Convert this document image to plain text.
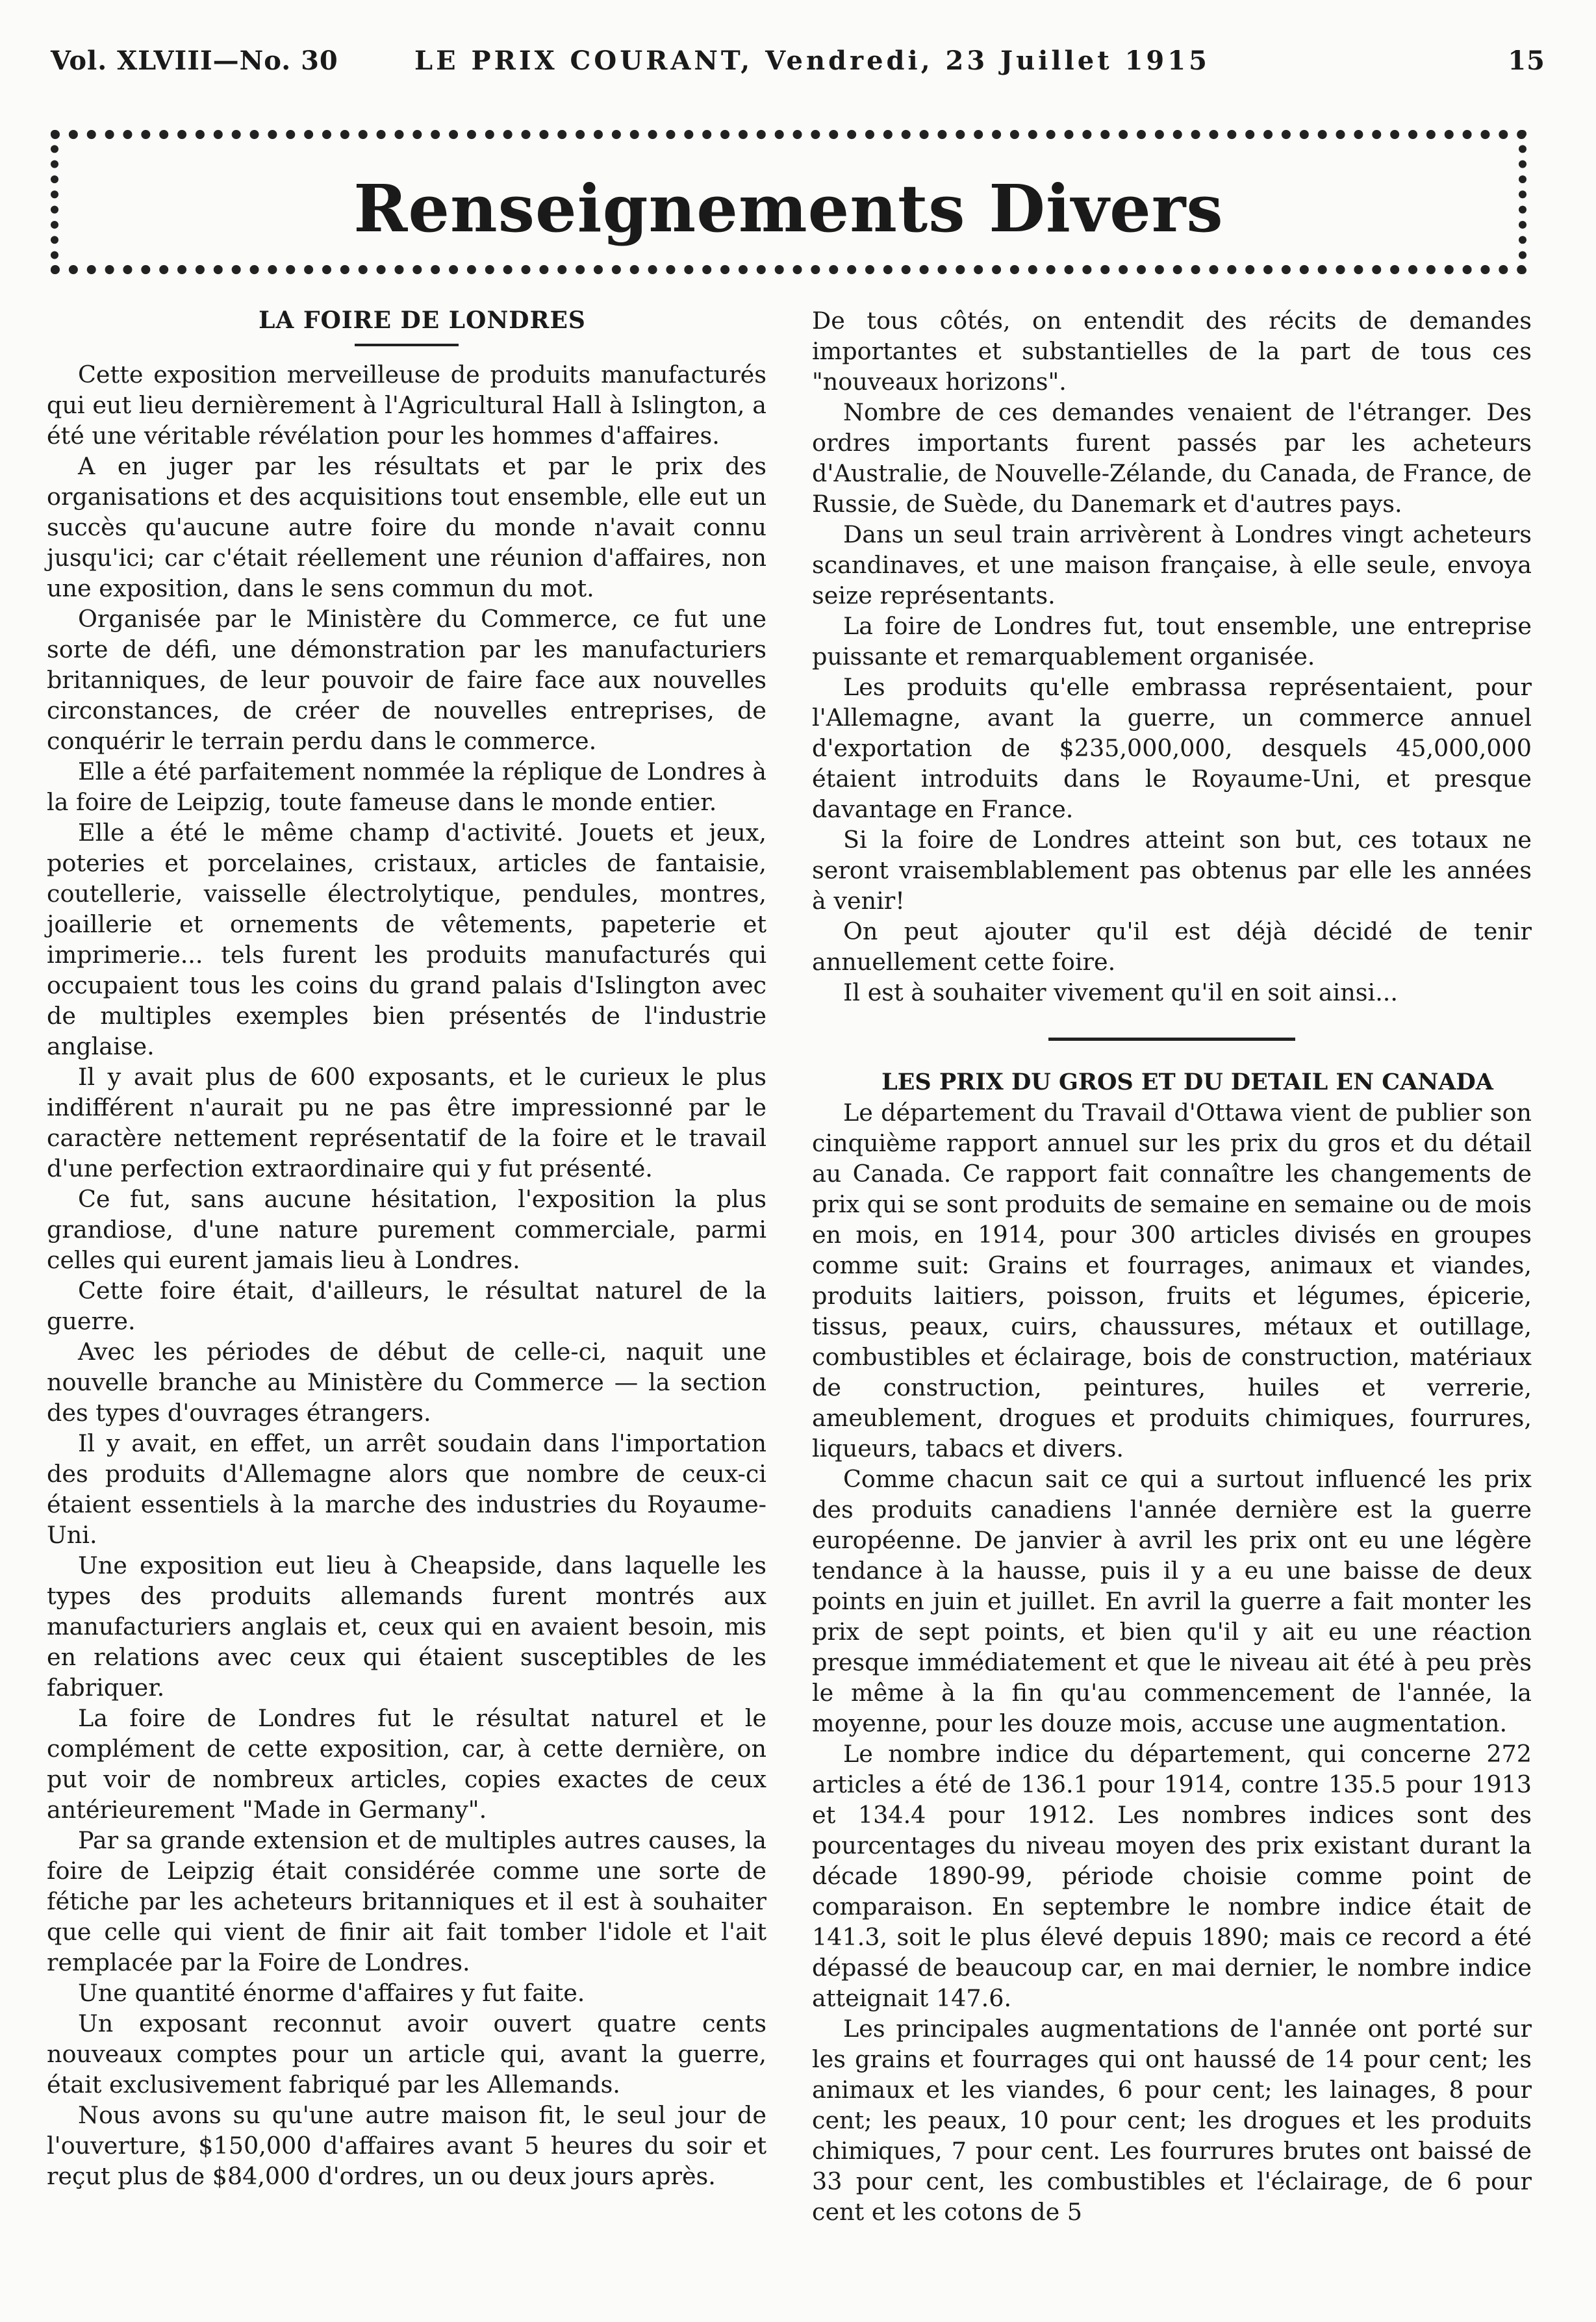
Vol. XLVIII—No. 30	LE PRIX COURANT, Vendredi, 23 Juillet 1915	15
Renseignements Divers

LA FOIRE DE LONDRES

Cette exposition merveilleuse de produits manufacturés qui eut lieu dernièrement à l'Agricultural Hall à Islington, a été une véritable révélation pour les hommes d'affaires.

A en juger par les résultats et par le prix des organisations et des acquisitions tout ensemble, elle eut un succès qu'aucune autre foire du monde n'avait connu jusqu'ici; car c'était réellement une réunion d'affaires, non une exposition, dans le sens commun du mot.

Organisée par le Ministère du Commerce, ce fut une sorte de défi, une démonstration par les manufacturiers britanniques, de leur pouvoir de faire face aux nouvelles circonstances, de créer de nouvelles entreprises, de conquérir le terrain perdu dans le commerce.

Elle a été parfaitement nommée la réplique de Londres à la foire de Leipzig, toute fameuse dans le monde entier.

Elle a été le même champ d'activité. Jouets et jeux, poteries et porcelaines, cristaux, articles de fantaisie, coutellerie, vaisselle électrolytique, pendules, montres, joaillerie et ornements de vêtements, papeterie et imprimerie... tels furent les produits manufacturés qui occupaient tous les coins du grand palais d'Islington avec de multiples exemples bien présentés de l'industrie anglaise.

Il y avait plus de 600 exposants, et le curieux le plus indifférent n'aurait pu ne pas être impressionné par le caractère nettement représentatif de la foire et le travail d'une perfection extraordinaire qui y fut présenté.

Ce fut, sans aucune hésitation, l'exposition la plus grandiose, d'une nature purement commerciale, parmi celles qui eurent jamais lieu à Londres.

Cette foire était, d'ailleurs, le résultat naturel de la guerre.

Avec les périodes de début de celle-ci, naquit une nouvelle branche au Ministère du Commerce — la section des types d'ouvrages étrangers.

Il y avait, en effet, un arrêt soudain dans l'importation des produits d'Allemagne alors que nombre de ceux-ci étaient essentiels à la marche des industries du Royaume-Uni.

Une exposition eut lieu à Cheapside, dans laquelle les types des produits allemands furent montrés aux manufacturiers anglais et, ceux qui en avaient besoin, mis en relations avec ceux qui étaient susceptibles de les fabriquer.

La foire de Londres fut le résultat naturel et le complément de cette exposition, car, à cette dernière, on put voir de nombreux articles, copies exactes de ceux antérieurement "Made in Germany".

Par sa grande extension et de multiples autres causes, la foire de Leipzig était considérée comme une sorte de fétiche par les acheteurs britanniques et il est à souhaiter que celle qui vient de finir ait fait tomber l'idole et l'ait remplacée par la Foire de Londres.

Une quantité énorme d'affaires y fut faite.

Un exposant reconnut avoir ouvert quatre cents nouveaux comptes pour un article qui, avant la guerre, était exclusivement fabriqué par les Allemands.

Nous avons su qu'une autre maison fit, le seul jour de l'ouverture, $150,000 d'affaires avant 5 heures du soir et reçut plus de $84,000 d'ordres, un ou deux jours après.

De tous côtés, on entendit des récits de demandes importantes et substantielles de la part de tous ces "nouveaux horizons".

Nombre de ces demandes venaient de l'étranger. Des ordres importants furent passés par les acheteurs d'Australie, de Nouvelle-Zélande, du Canada, de France, de Russie, de Suède, du Danemark et d'autres pays.

Dans un seul train arrivèrent à Londres vingt acheteurs scandinaves, et une maison française, à elle seule, envoya seize représentants.

La foire de Londres fut, tout ensemble, une entreprise puissante et remarquablement organisée.

Les produits qu'elle embrassa représentaient, pour l'Allemagne, avant la guerre, un commerce annuel d'exportation de $235,000,000, desquels 45,000,000 étaient introduits dans le Royaume-Uni, et presque davantage en France.

Si la foire de Londres atteint son but, ces totaux ne seront vraisemblablement pas obtenus par elle les années à venir!

On peut ajouter qu'il est déjà décidé de tenir annuellement cette foire.

Il est à souhaiter vivement qu'il en soit ainsi...

LES PRIX DU GROS ET DU DETAIL EN CANADA

Le département du Travail d'Ottawa vient de publier son cinquième rapport annuel sur les prix du gros et du détail au Canada. Ce rapport fait connaître les changements de prix qui se sont produits de semaine en semaine ou de mois en mois, en 1914, pour 300 articles divisés en groupes comme suit: Grains et fourrages, animaux et viandes, produits laitiers, poisson, fruits et légumes, épicerie, tissus, peaux, cuirs, chaussures, métaux et outillage, combustibles et éclairage, bois de construction, matériaux de construction, peintures, huiles et verrerie, ameublement, drogues et produits chimiques, fourrures, liqueurs, tabacs et divers.

Comme chacun sait ce qui a surtout influencé les prix des produits canadiens l'année dernière est la guerre européenne. De janvier à avril les prix ont eu une légère tendance à la hausse, puis il y a eu une baisse de deux points en juin et juillet. En avril la guerre a fait monter les prix de sept points, et bien qu'il y ait eu une réaction presque immédiatement et que le niveau ait été à peu près le même à la fin qu'au commencement de l'année, la moyenne, pour les douze mois, accuse une augmentation.

Le nombre indice du département, qui concerne 272 articles a été de 136.1 pour 1914, contre 135.5 pour 1913 et 134.4 pour 1912. Les nombres indices sont des pourcentages du niveau moyen des prix existant durant la décade 1890-99, période choisie comme point de comparaison. En septembre le nombre indice était de 141.3, soit le plus élevé depuis 1890; mais ce record a été dépassé de beaucoup car, en mai dernier, le nombre indice atteignait 147.6.

Les principales augmentations de l'année ont porté sur les grains et fourrages qui ont haussé de 14 pour cent; les animaux et les viandes, 6 pour cent; les lainages, 8 pour cent; les peaux, 10 pour cent; les drogues et les produits chimiques, 7 pour cent. Les fourrures brutes ont baissé de 33 pour cent, les combustibles et l'éclairage, de 6 pour cent et les cotons de 5
